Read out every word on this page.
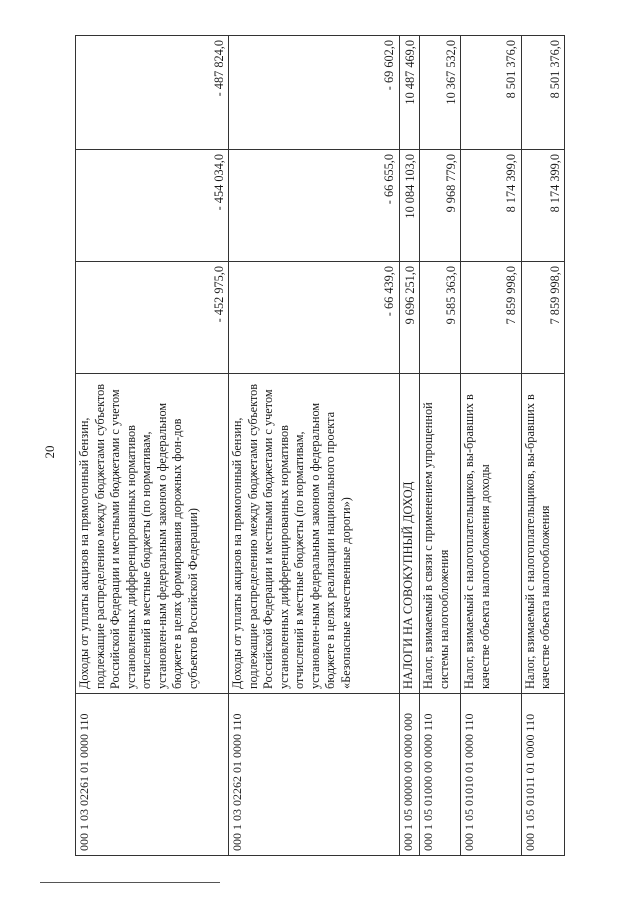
20
000 1 03 02261 01 0000 110	Доходы от уплаты акцизов на прямогонный бензин, подлежащие распределению между бюджетами субъектов Российской Федерации и местными бюджетами с учетом установленных дифференцированных нормативов отчислений в местные бюджеты (по нормативам, установлен-ным федеральным законом о федеральном бюджете в целях формирования дорожных фон-дов субъектов Российской Федерации)	- 452 975,0	- 454 034,0	- 487 824,0
000 1 03 02262 01 0000 110	Доходы от уплаты акцизов на прямогонный бензин, подлежащие распределению между бюджетами субъектов Российской Федерации и местными бюджетами с учетом установленных дифференцированных нормативов отчислений в местные бюджеты (по нормативам, установлен-ным федеральным законом о федеральном бюджете в целях реализации национального проекта «Безопасные качественные дороги»)	- 66 439,0	- 66 655,0	- 69 602,0
000 1 05 00000 00 0000 000	НАЛОГИ НА СОВОКУПНЫЙ ДОХОД	9 696 251,0	10 084 103,0	10 487 469,0
000 1 05 01000 00 0000 110	Налог, взимаемый в связи с применением упрощенной системы налогообложения	9 585 363,0	9 968 779,0	10 367 532,0
000 1 05 01010 01 0000 110	Налог, взимаемый с налогоплательщиков, вы-бравших в качестве объекта налогообложения доходы	7 859 998,0	8 174 399,0	8 501 376,0
000 1 05 01011 01 0000 110	Налог, взимаемый с налогоплательщиков, вы-бравших в качестве объекта налогообложения	7 859 998,0	8 174 399,0	8 501 376,0
